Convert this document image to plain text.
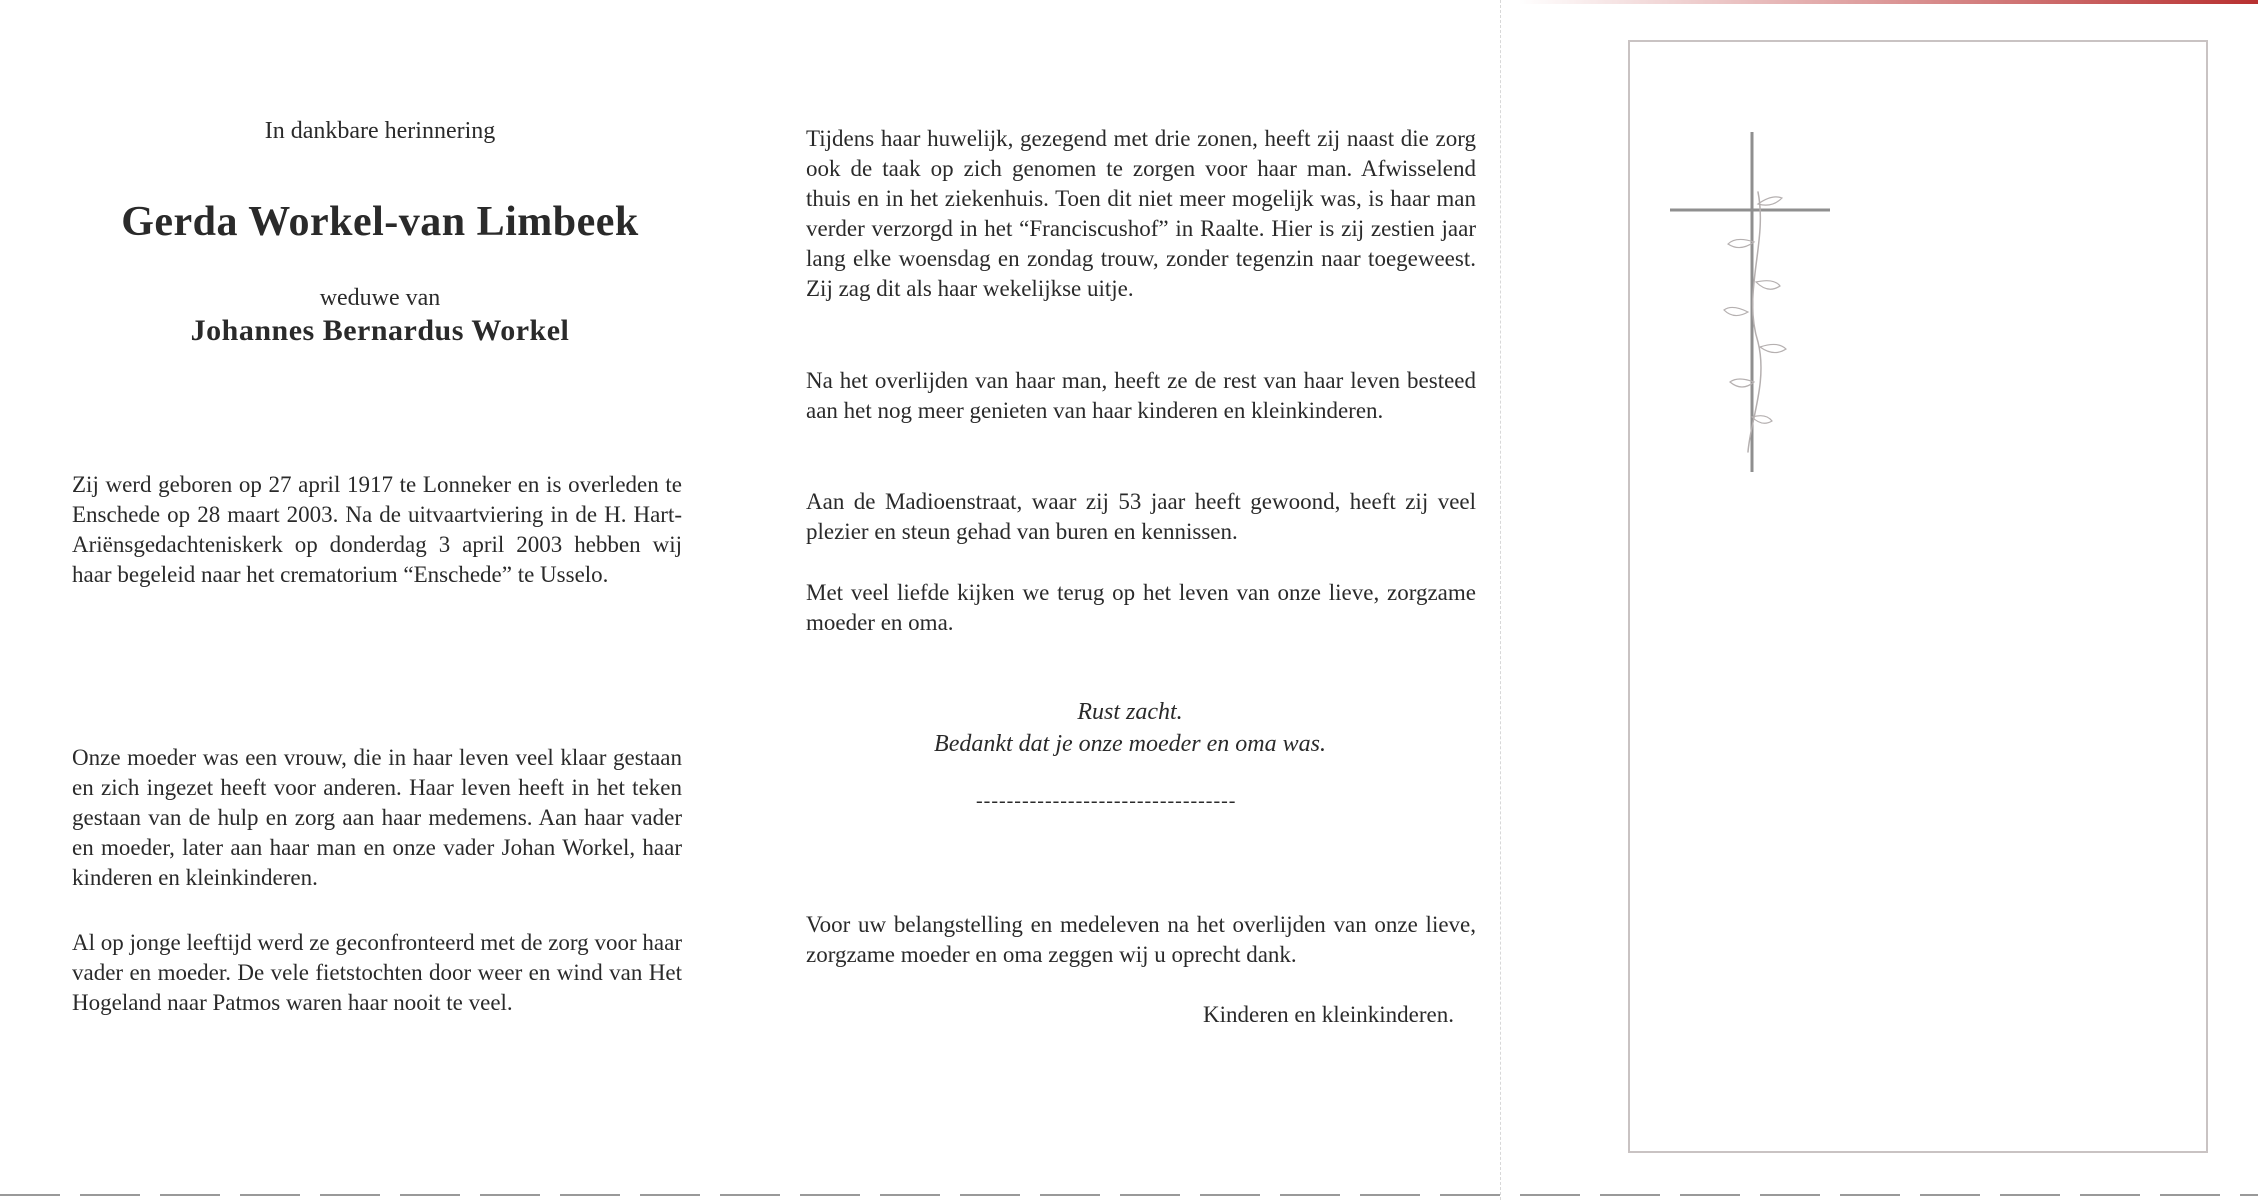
In dankbare herinnering
Gerda Workel-van Limbeek
weduwe van
Johannes Bernardus Workel

Zij werd geboren op 27 april 1917 te Lonneker en is overleden te Enschede op 28 maart 2003. Na de uitvaartviering in de H. Hart-Ariënsgedachteniskerk op donderdag 3 april 2003 hebben wij haar begeleid naar het crematorium “Enschede” te Usselo.

Onze moeder was een vrouw, die in haar leven veel klaar gestaan en zich ingezet heeft voor anderen. Haar leven heeft in het teken gestaan van de hulp en zorg aan haar medemens. Aan haar vader en moeder, later aan haar man en onze vader Johan Workel, haar kinderen en kleinkinderen.

Al op jonge leeftijd werd ze geconfronteerd met de zorg voor haar vader en moeder. De vele fietstochten door weer en wind van Het Hogeland naar Patmos waren haar nooit te veel.

Tijdens haar huwelijk, gezegend met drie zonen, heeft zij naast die zorg ook de taak op zich genomen te zorgen voor haar man. Afwisselend thuis en in het ziekenhuis. Toen dit niet meer mogelijk was, is haar man verder verzorgd in het “Franciscushof” in Raalte. Hier is zij zestien jaar lang elke woensdag en zondag trouw, zonder tegenzin naar toegeweest. Zij zag dit als haar wekelijkse uitje.

Na het overlijden van haar man, heeft ze de rest van haar leven besteed aan het nog meer genieten van haar kinderen en kleinkinderen.

Aan de Madioenstraat, waar zij 53 jaar heeft gewoond, heeft zij veel plezier en steun gehad van buren en kennissen.

Met veel liefde kijken we terug op het leven van onze lieve, zorgzame moeder en oma.

Rust zacht.
Bedankt dat je onze moeder en oma was.
----------------------------------

Voor uw belangstelling en medeleven na het overlijden van onze lieve, zorgzame moeder en oma zeggen wij u oprecht dank.

Kinderen en kleinkinderen.
